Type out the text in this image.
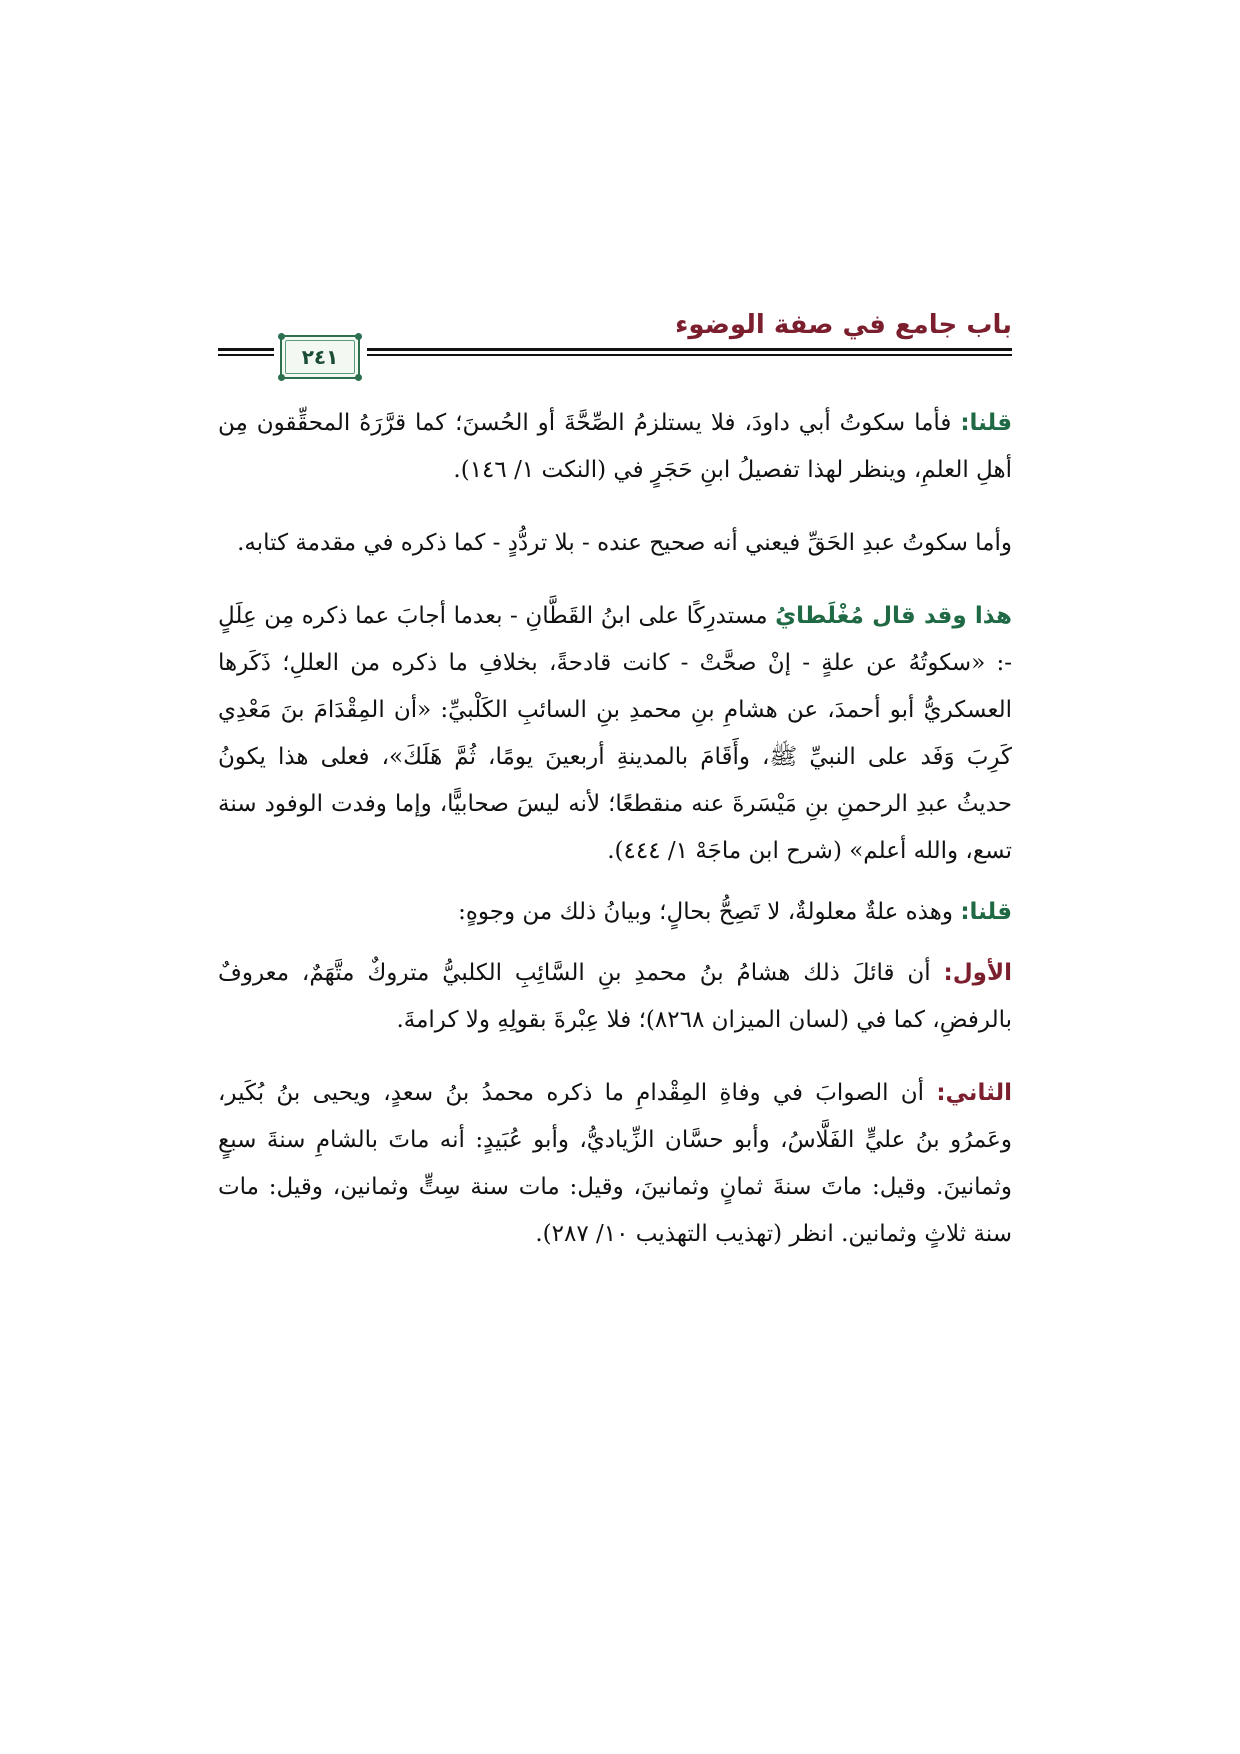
باب جامع في صفة الوضوء
٢٤١

قلنا: فأما سكوتُ أبي داودَ، فلا يستلزمُ الصِّحَّةَ أو الحُسنَ؛ كما قرَّرَهُ المحقِّقون مِن أهلِ العلمِ، وينظر لهذا تفصيلُ ابنِ حَجَرٍ في (النكت ١/ ١٤٦).

وأما سكوتُ عبدِ الحَقِّ فيعني أنه صحيح عنده - بلا تردُّدٍ - كما ذكره في مقدمة كتابه.

هذا وقد قال مُغْلَطايُ مستدرِكًا على ابنُ القَطَّانِ - بعدما أجابَ عما ذكره مِن عِلَلٍ -: «سكوتُهُ عن علةٍ - إنْ صحَّتْ - كانت قادحةً، بخلافِ ما ذكره من العللِ؛ ذَكَرها العسكريُّ أبو أحمدَ، عن هشامِ بنِ محمدِ بنِ السائبِ الكَلْبيِّ: «أن المِقْدَامَ بنَ مَعْدِي كَرِبَ وَفَد على النبيِّ ﷺ، وأَقَامَ بالمدينةِ أربعينَ يومًا، ثُمَّ هَلَكَ»، فعلى هذا يكونُ حديثُ عبدِ الرحمنِ بنِ مَيْسَرةَ عنه منقطعًا؛ لأنه ليسَ صحابيًّا، وإما وفدت الوفود سنة تسع، والله أعلم» (شرح ابن ماجَهْ ١/ ٤٤٤).

قلنا: وهذه علةٌ معلولةٌ، لا تَصِحُّ بحالٍ؛ وبيانُ ذلك من وجوهٍ:

الأول: أن قائلَ ذلك هشامُ بنُ محمدِ بنِ السَّائِبِ الكلبيُّ متروكٌ متَّهَمٌ، معروفٌ بالرفضِ، كما في (لسان الميزان ٨٢٦٨)؛ فلا عِبْرةَ بقولِهِ ولا كرامةَ.

الثاني: أن الصوابَ في وفاةِ المِقْدامِ ما ذكره محمدُ بنُ سعدٍ، ويحيى بنُ بُكَير، وعَمرُو بنُ عليٍّ الفَلَّاسُ، وأبو حسَّان الزِّياديُّ، وأبو عُبَيدٍ: أنه ماتَ بالشامِ سنةَ سبعٍ وثمانينَ. وقيل: ماتَ سنةَ ثمانٍ وثمانينَ، وقيل: مات سنة سِتٍّ وثمانين، وقيل: مات سنة ثلاثٍ وثمانين. انظر (تهذيب التهذيب ١٠/ ٢٨٧).
